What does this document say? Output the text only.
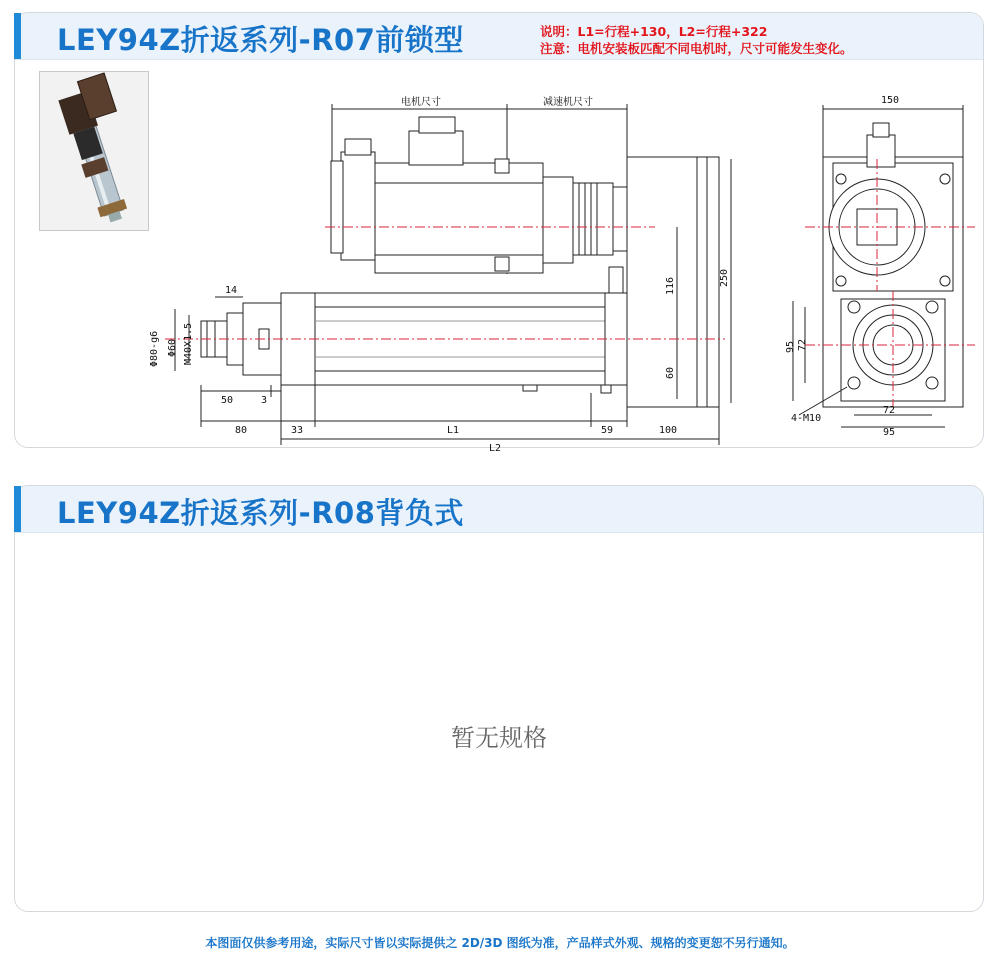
LEY94Z折返系列-R07前锁型	说明：L1=行程+130，L2=行程+322
注意：电机安装板匹配不同电机时，尺寸可能发生变化。
电机尺寸	减速机尺寸
14
Φ80-g6 Φ60 M40X1.5
50	3
80	33	L1	59	100
L2
116	250
60
150
95 72
4-M10
72
95
LEY94Z折返系列-R08背负式
暂无规格
本图面仅供参考用途，实际尺寸皆以实际提供之 2D/3D 图纸为准，产品样式外观、规格的变更恕不另行通知。
